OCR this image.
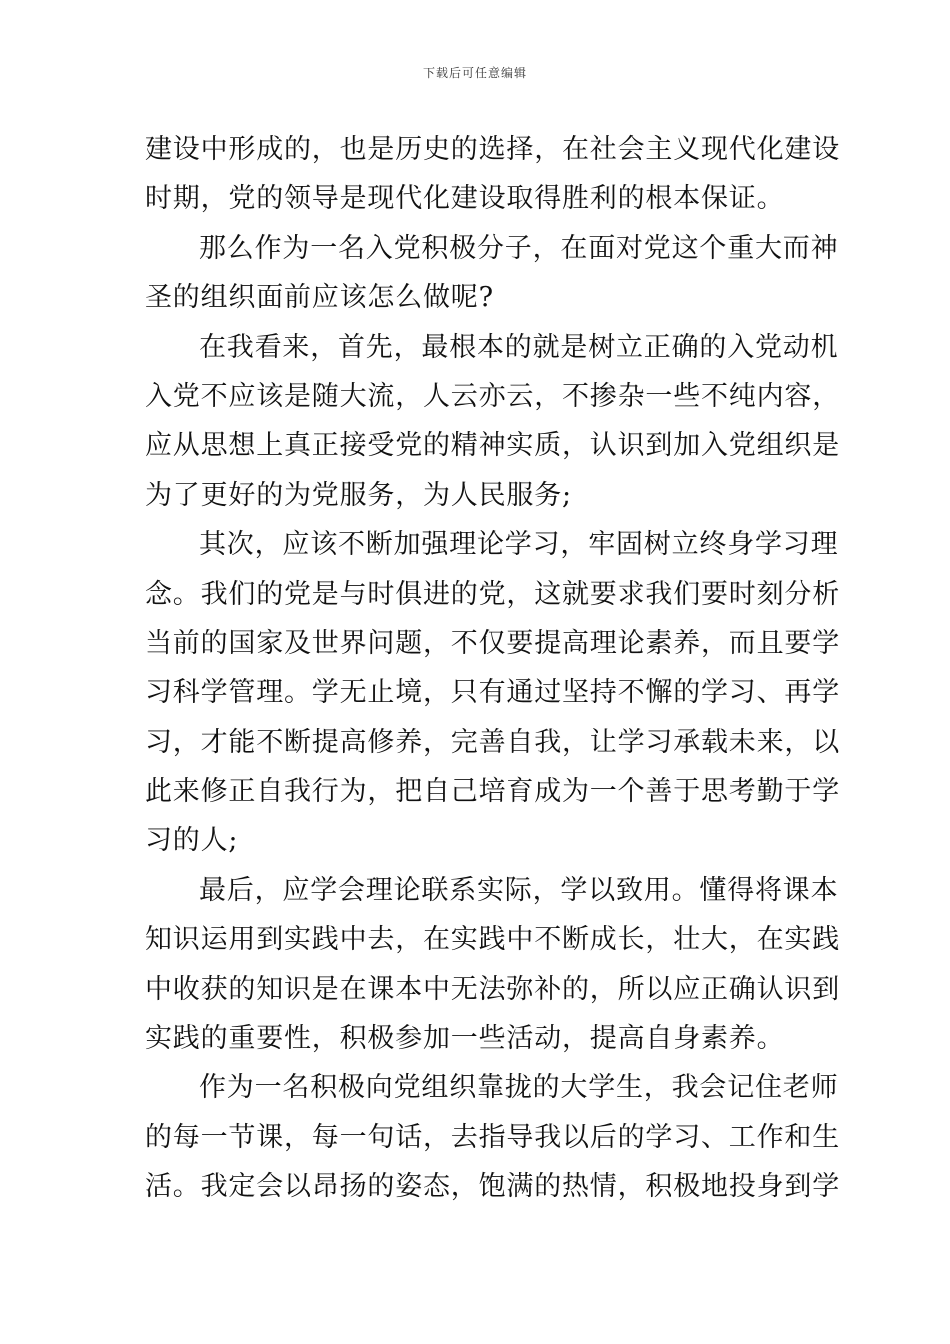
下载后可任意编辑
建设中形成的，也是历史的选择，在社会主义现代化建设
时期，党的领导是现代化建设取得胜利的根本保证。
那么作为一名入党积极分子，在面对党这个重大而神
圣的组织面前应该怎么做呢?
在我看来，首先，最根本的就是树立正确的入党动机
入党不应该是随大流，人云亦云，不掺杂一些不纯内容，
应从思想上真正接受党的精神实质，认识到加入党组织是
为了更好的为党服务，为人民服务;
其次，应该不断加强理论学习，牢固树立终身学习理
念。我们的党是与时俱进的党，这就要求我们要时刻分析
当前的国家及世界问题，不仅要提高理论素养，而且要学
习科学管理。学无止境，只有通过坚持不懈的学习、再学
习，才能不断提高修养，完善自我，让学习承载未来，以
此来修正自我行为，把自己培育成为一个善于思考勤于学
习的人;
最后，应学会理论联系实际，学以致用。懂得将课本
知识运用到实践中去，在实践中不断成长，壮大，在实践
中收获的知识是在课本中无法弥补的，所以应正确认识到
实践的重要性，积极参加一些活动，提高自身素养。
作为一名积极向党组织靠拢的大学生，我会记住老师
的每一节课，每一句话，去指导我以后的学习、工作和生
活。我定会以昂扬的姿态，饱满的热情，积极地投身到学
